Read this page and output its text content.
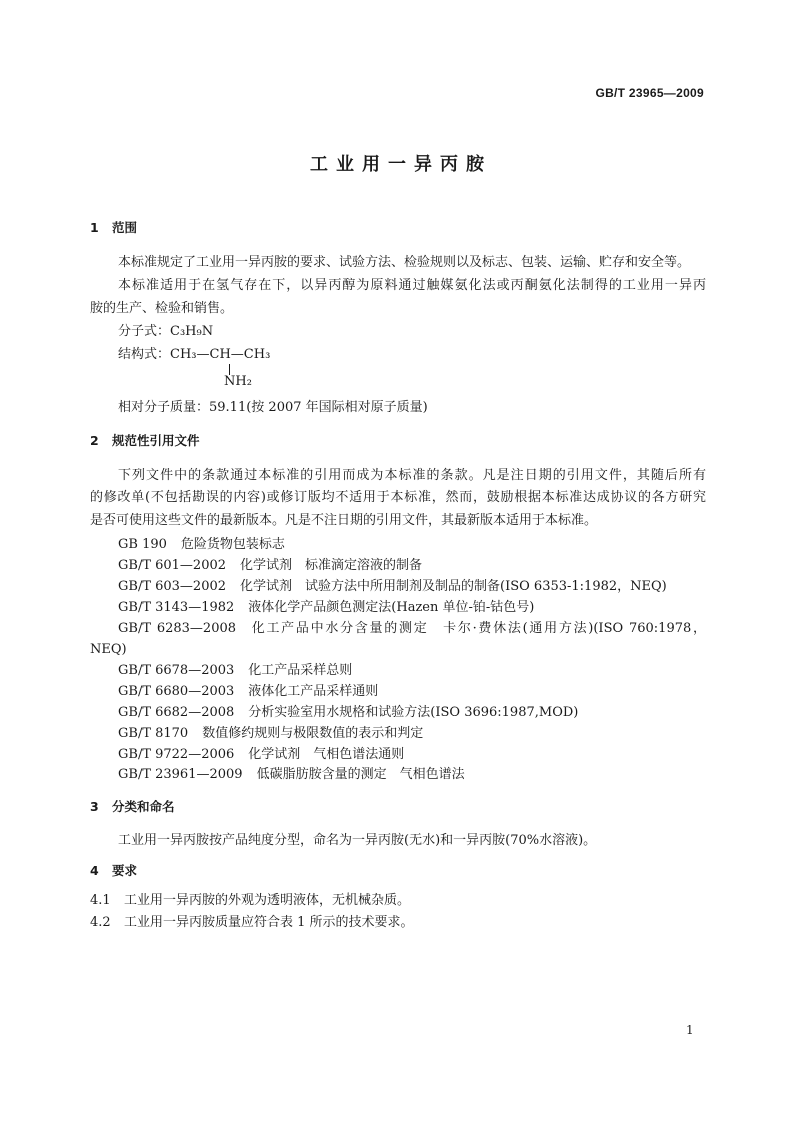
GB/T 23965—2009
工业用一异丙胺
1 范围
本标准规定了工业用一异丙胺的要求、试验方法、检验规则以及标志、包装、运输、贮存和安全等。
本标准适用于在氢气存在下，以异丙醇为原料通过触媒氨化法或丙酮氨化法制得的工业用一异丙
胺的生产、检验和销售。
分子式：C₃H₉N
结构式：CH₃—CH—CH₃
NH₂
相对分子质量：59.11(按 2007 年国际相对原子质量)
2 规范性引用文件
下列文件中的条款通过本标准的引用而成为本标准的条款。凡是注日期的引用文件，其随后所有
的修改单(不包括勘误的内容)或修订版均不适用于本标准，然而，鼓励根据本标准达成协议的各方研究
是否可使用这些文件的最新版本。凡是不注日期的引用文件，其最新版本适用于本标准。
GB 190 危险货物包装标志
GB/T 601—2002 化学试剂　标准滴定溶液的制备
GB/T 603—2002 化学试剂　试验方法中所用制剂及制品的制备(ISO 6353-1:1982，NEQ)
GB/T 3143—1982 液体化学产品颜色测定法(Hazen 单位-铂-钴色号)
GB/T 6283—2008 化工产品中水分含量的测定　卡尔·费休法(通用方法)(ISO 760:1978，
NEQ)
GB/T 6678—2003 化工产品采样总则
GB/T 6680—2003 液体化工产品采样通则
GB/T 6682—2008 分析实验室用水规格和试验方法(ISO 3696:1987,MOD)
GB/T 8170 数值修约规则与极限数值的表示和判定
GB/T 9722—2006 化学试剂　气相色谱法通则
GB/T 23961—2009 低碳脂肪胺含量的测定　气相色谱法
3 分类和命名
工业用一异丙胺按产品纯度分型，命名为一异丙胺(无水)和一异丙胺(70%水溶液)。
4 要求
4.1 工业用一异丙胺的外观为透明液体，无机械杂质。
4.2 工业用一异丙胺质量应符合表 1 所示的技术要求。
1
